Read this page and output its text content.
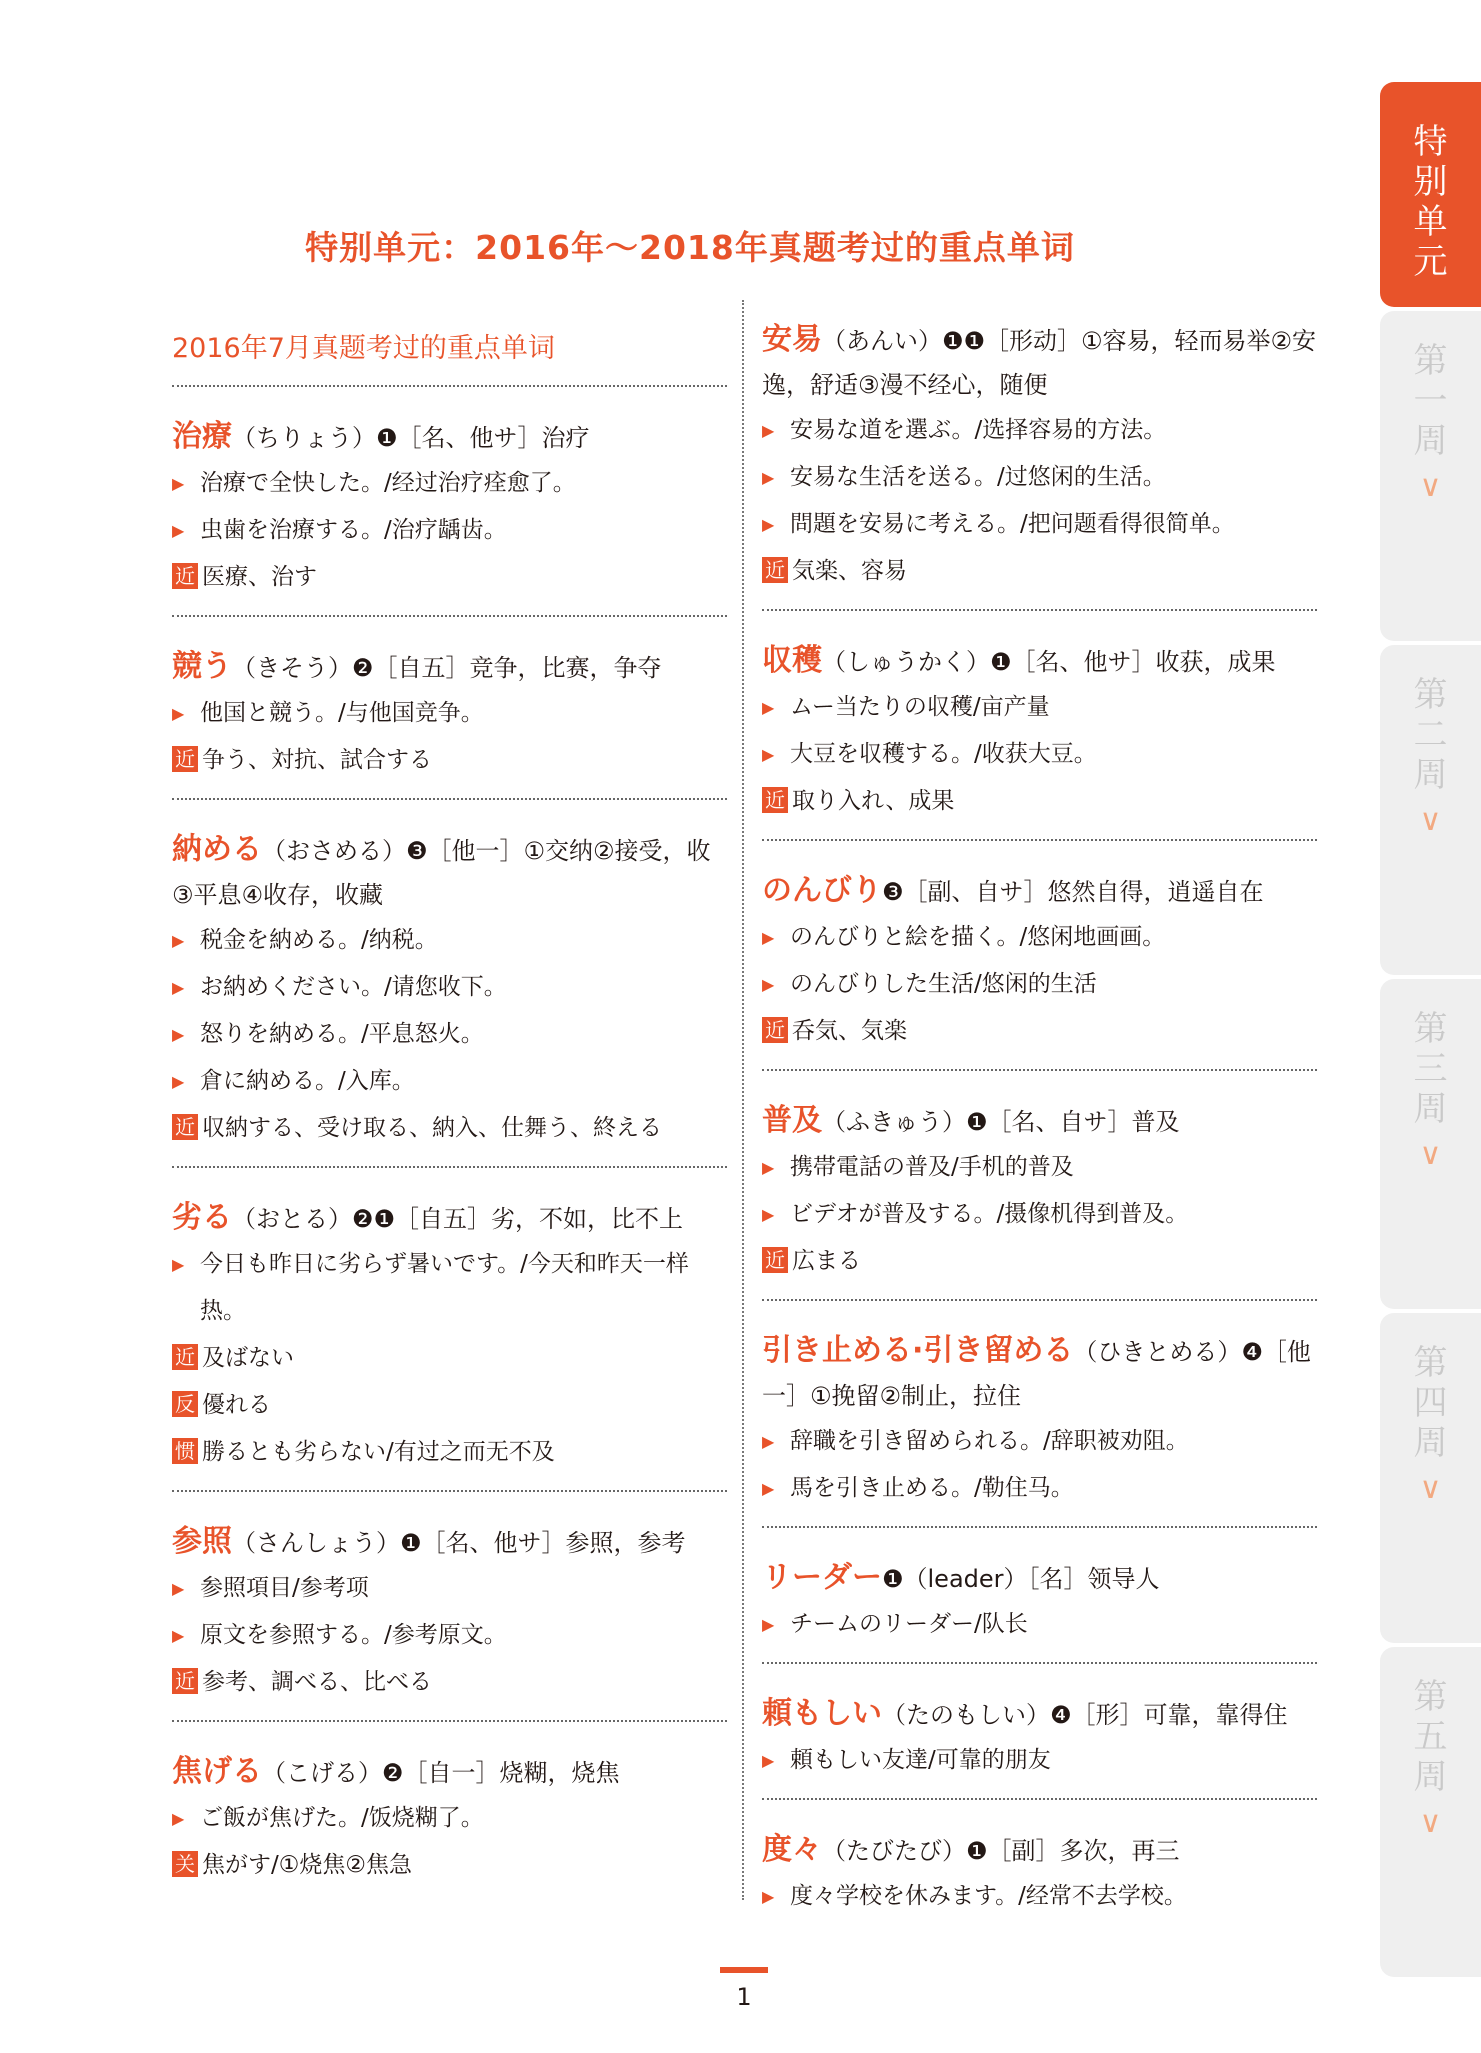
特别单元：2016年～2018年真题考过的重点单词
2016年7月真题考过的重点单词
治療（ちりょう）❶［名、他サ］治疗
▶ 治療で全快した。/经过治疗痊愈了。
▶ 虫歯を治療する。/治疗龋齿。
近 医療、治す
競う（きそう）❷［自五］竞争，比赛，争夺
▶ 他国と競う。/与他国竞争。
近 争う、対抗、試合する
納める（おさめる）❸［他一］①交纳②接受，收③平息④收存，收藏
▶ 税金を納める。/纳税。
▶ お納めください。/请您收下。
▶ 怒りを納める。/平息怒火。
▶ 倉に納める。/入库。
近 収納する、受け取る、納入、仕舞う、終える
劣る（おとる）❷❶［自五］劣，不如，比不上
▶ 今日も昨日に劣らず暑いです。/今天和昨天一样热。
近 及ばない
反 優れる
惯 勝るとも劣らない/有过之而无不及
参照（さんしょう）❶［名、他サ］参照，参考
▶ 参照項目/参考项
▶ 原文を参照する。/参考原文。
近 参考、調べる、比べる
焦げる（こげる）❷［自一］烧糊，烧焦
▶ ご飯が焦げた。/饭烧糊了。
关 焦がす/①烧焦②焦急
安易（あんい）❶❶［形动］①容易，轻而易举②安逸，舒适③漫不经心，随便
▶ 安易な道を選ぶ。/选择容易的方法。
▶ 安易な生活を送る。/过悠闲的生活。
▶ 問題を安易に考える。/把问题看得很简单。
近 気楽、容易
収穫（しゅうかく）❶［名、他サ］收获，成果
▶ ムー当たりの収穫/亩产量
▶ 大豆を収穫する。/收获大豆。
近 取り入れ、成果
のんびり❸［副、自サ］悠然自得，逍遥自在
▶ のんびりと絵を描く。/悠闲地画画。
▶ のんびりした生活/悠闲的生活
近 呑気、気楽
普及（ふきゅう）❶［名、自サ］普及
▶ 携帯電話の普及/手机的普及
▶ ビデオが普及する。/摄像机得到普及。
近 広まる
引き止める·引き留める（ひきとめる）❹［他一］①挽留②制止，拉住
▶ 辞職を引き留められる。/辞职被劝阻。
▶ 馬を引き止める。/勒住马。
リーダー❶（leader）［名］领导人
▶ チームのリーダー/队长
頼もしい（たのもしい）❹［形］可靠，靠得住
▶ 頼もしい友達/可靠的朋友
度々（たびたび）❶［副］多次，再三
▶ 度々学校を休みます。/经常不去学校。
特别单元
第一周
∨
第二周
∨
第三周
∨
第四周
∨
第五周
∨
1
